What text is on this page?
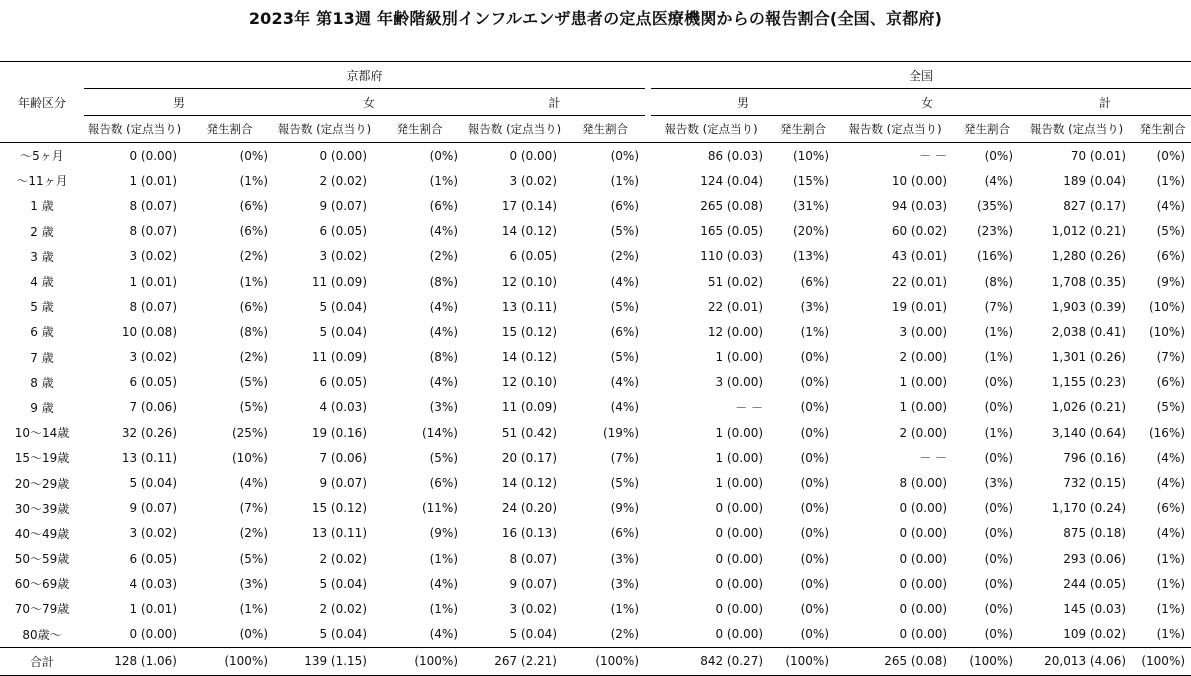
2023年 第13週 年齢階級別インフルエンザ患者の定点医療機関からの報告割合(全国、京都府)
	京都府							全国					
年齢区分	男		女		計			男		女		計	
	報告数 (定点当り)	発生割合	報告数 (定点当り)	発生割合	報告数 (定点当り)	発生割合		報告数 (定点当り)	発生割合	報告数 (定点当り)	発生割合	報告数 (定点当り)	発生割合
～5ヶ月	0 (0.00)	(0%)	0 (0.00)	(0%)	0 (0.00)	(0%)		86 (0.03)	(10%)	－ －	(0%)	70 (0.01)	(0%)
～11ヶ月	1 (0.01)	(1%)	2 (0.02)	(1%)	3 (0.02)	(1%)		124 (0.04)	(15%)	10 (0.00)	(4%)	189 (0.04)	(1%)
1 歳	8 (0.07)	(6%)	9 (0.07)	(6%)	17 (0.14)	(6%)		265 (0.08)	(31%)	94 (0.03)	(35%)	827 (0.17)	(4%)
2 歳	8 (0.07)	(6%)	6 (0.05)	(4%)	14 (0.12)	(5%)		165 (0.05)	(20%)	60 (0.02)	(23%)	1,012 (0.21)	(5%)
3 歳	3 (0.02)	(2%)	3 (0.02)	(2%)	6 (0.05)	(2%)		110 (0.03)	(13%)	43 (0.01)	(16%)	1,280 (0.26)	(6%)
4 歳	1 (0.01)	(1%)	11 (0.09)	(8%)	12 (0.10)	(4%)		51 (0.02)	(6%)	22 (0.01)	(8%)	1,708 (0.35)	(9%)
5 歳	8 (0.07)	(6%)	5 (0.04)	(4%)	13 (0.11)	(5%)		22 (0.01)	(3%)	19 (0.01)	(7%)	1,903 (0.39)	(10%)
6 歳	10 (0.08)	(8%)	5 (0.04)	(4%)	15 (0.12)	(6%)		12 (0.00)	(1%)	3 (0.00)	(1%)	2,038 (0.41)	(10%)
7 歳	3 (0.02)	(2%)	11 (0.09)	(8%)	14 (0.12)	(5%)		1 (0.00)	(0%)	2 (0.00)	(1%)	1,301 (0.26)	(7%)
8 歳	6 (0.05)	(5%)	6 (0.05)	(4%)	12 (0.10)	(4%)		3 (0.00)	(0%)	1 (0.00)	(0%)	1,155 (0.23)	(6%)
9 歳	7 (0.06)	(5%)	4 (0.03)	(3%)	11 (0.09)	(4%)		－ －	(0%)	1 (0.00)	(0%)	1,026 (0.21)	(5%)
10～14歳	32 (0.26)	(25%)	19 (0.16)	(14%)	51 (0.42)	(19%)		1 (0.00)	(0%)	2 (0.00)	(1%)	3,140 (0.64)	(16%)
15～19歳	13 (0.11)	(10%)	7 (0.06)	(5%)	20 (0.17)	(7%)		1 (0.00)	(0%)	－ －	(0%)	796 (0.16)	(4%)
20～29歳	5 (0.04)	(4%)	9 (0.07)	(6%)	14 (0.12)	(5%)		1 (0.00)	(0%)	8 (0.00)	(3%)	732 (0.15)	(4%)
30～39歳	9 (0.07)	(7%)	15 (0.12)	(11%)	24 (0.20)	(9%)		0 (0.00)	(0%)	0 (0.00)	(0%)	1,170 (0.24)	(6%)
40～49歳	3 (0.02)	(2%)	13 (0.11)	(9%)	16 (0.13)	(6%)		0 (0.00)	(0%)	0 (0.00)	(0%)	875 (0.18)	(4%)
50～59歳	6 (0.05)	(5%)	2 (0.02)	(1%)	8 (0.07)	(3%)		0 (0.00)	(0%)	0 (0.00)	(0%)	293 (0.06)	(1%)
60～69歳	4 (0.03)	(3%)	5 (0.04)	(4%)	9 (0.07)	(3%)		0 (0.00)	(0%)	0 (0.00)	(0%)	244 (0.05)	(1%)
70～79歳	1 (0.01)	(1%)	2 (0.02)	(1%)	3 (0.02)	(1%)		0 (0.00)	(0%)	0 (0.00)	(0%)	145 (0.03)	(1%)
80歳～	0 (0.00)	(0%)	5 (0.04)	(4%)	5 (0.04)	(2%)		0 (0.00)	(0%)	0 (0.00)	(0%)	109 (0.02)	(1%)
合計	128 (1.06)	(100%)	139 (1.15)	(100%)	267 (2.21)	(100%)		842 (0.27)	(100%)	265 (0.08)	(100%)	20,013 (4.06)	(100%)
